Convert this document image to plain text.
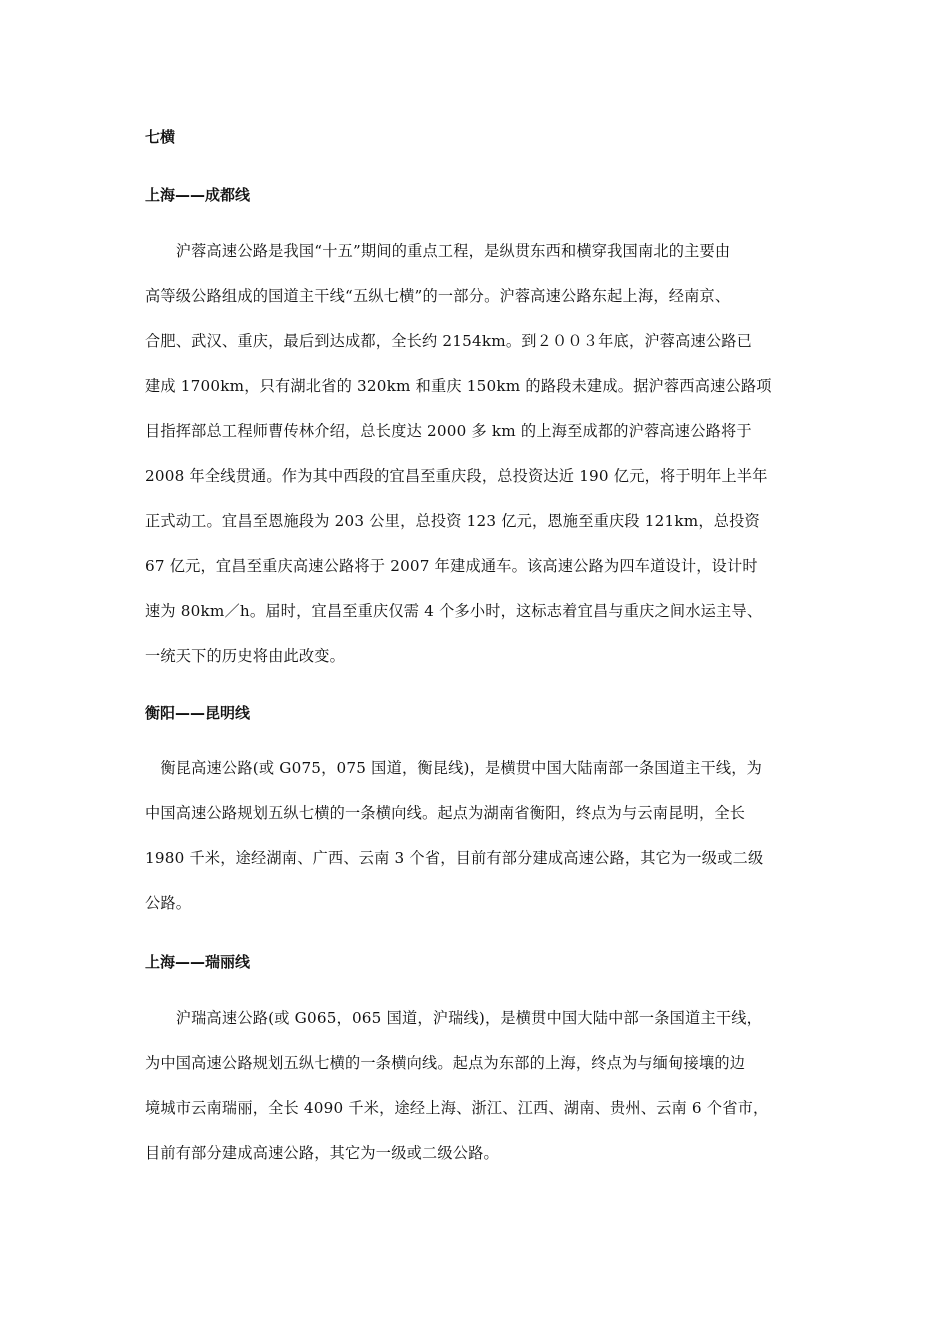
七横
上海——成都线
　　沪蓉高速公路是我国“十五”期间的重点工程，是纵贯东西和横穿我国南北的主要由
高等级公路组成的国道主干线“五纵七横”的一部分。沪蓉高速公路东起上海，经南京、
合肥、武汉、重庆，最后到达成都，全长约 2154km。到２００３年底，沪蓉高速公路已
建成 1700km，只有湖北省的 320km 和重庆 150km 的路段未建成。据沪蓉西高速公路项
目指挥部总工程师曹传林介绍，总长度达 2000 多 km 的上海至成都的沪蓉高速公路将于
2008 年全线贯通。作为其中西段的宜昌至重庆段，总投资达近 190 亿元，将于明年上半年
正式动工。宜昌至恩施段为 203 公里，总投资 123 亿元，恩施至重庆段 121km，总投资
67 亿元，宜昌至重庆高速公路将于 2007 年建成通车。该高速公路为四车道设计，设计时
速为 80km／h。届时，宜昌至重庆仅需 4 个多小时，这标志着宜昌与重庆之间水运主导、
一统天下的历史将由此改变。
衡阳——昆明线
　衡昆高速公路(或 G075，075 国道，衡昆线)，是横贯中国大陆南部一条国道主干线，为
中国高速公路规划五纵七横的一条横向线。起点为湖南省衡阳，终点为与云南昆明，全长
1980 千米，途经湖南、广西、云南 3 个省，目前有部分建成高速公路，其它为一级或二级
公路。
上海——瑞丽线
　　沪瑞高速公路(或 G065，065 国道，沪瑞线)，是横贯中国大陆中部一条国道主干线，
为中国高速公路规划五纵七横的一条横向线。起点为东部的上海，终点为与缅甸接壤的边
境城市云南瑞丽，全长 4090 千米，途经上海、浙江、江西、湖南、贵州、云南 6 个省市，
目前有部分建成高速公路，其它为一级或二级公路。
